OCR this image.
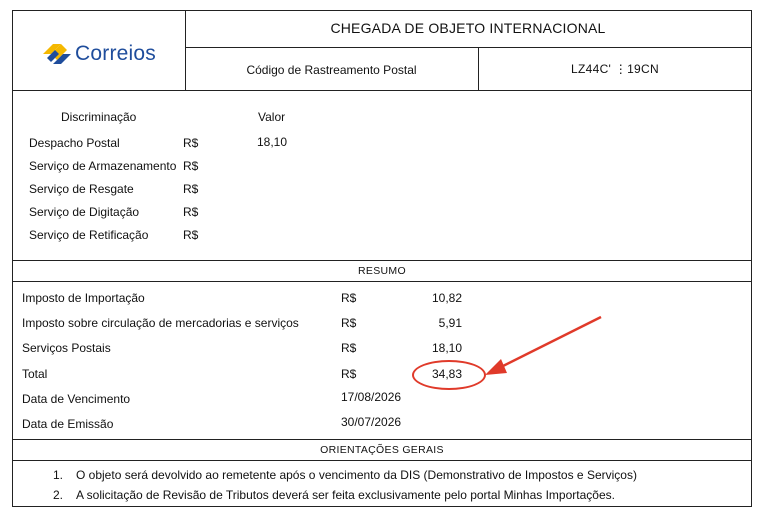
Correios
CHEGADA DE OBJETO INTERNACIONAL
Código de Rastreamento Postal	LZ44C' ⋮19CN
Discriminação	Valor
Despacho Postal	R$	18,10
Serviço de Armazenamento R$
Serviço de Resgate	R$
Serviço de Digitação	R$
Serviço de Retificação	R$
RESUMO
Imposto de Importação	R$	10,82
Imposto sobre circulação de mercadorias e serviços	R$	5,91
Serviços Postais	R$	18,10
Total	R$	34,83
Data de Vencimento	17/08/2026
Data de Emissão	30/07/2026
ORIENTAÇÕES GERAIS
1. O objeto será devolvido ao remetente após o vencimento da DIS (Demonstrativo de Impostos e Serviços)
2. A solicitação de Revisão de Tributos deverá ser feita exclusivamente pelo portal Minhas Importações.
